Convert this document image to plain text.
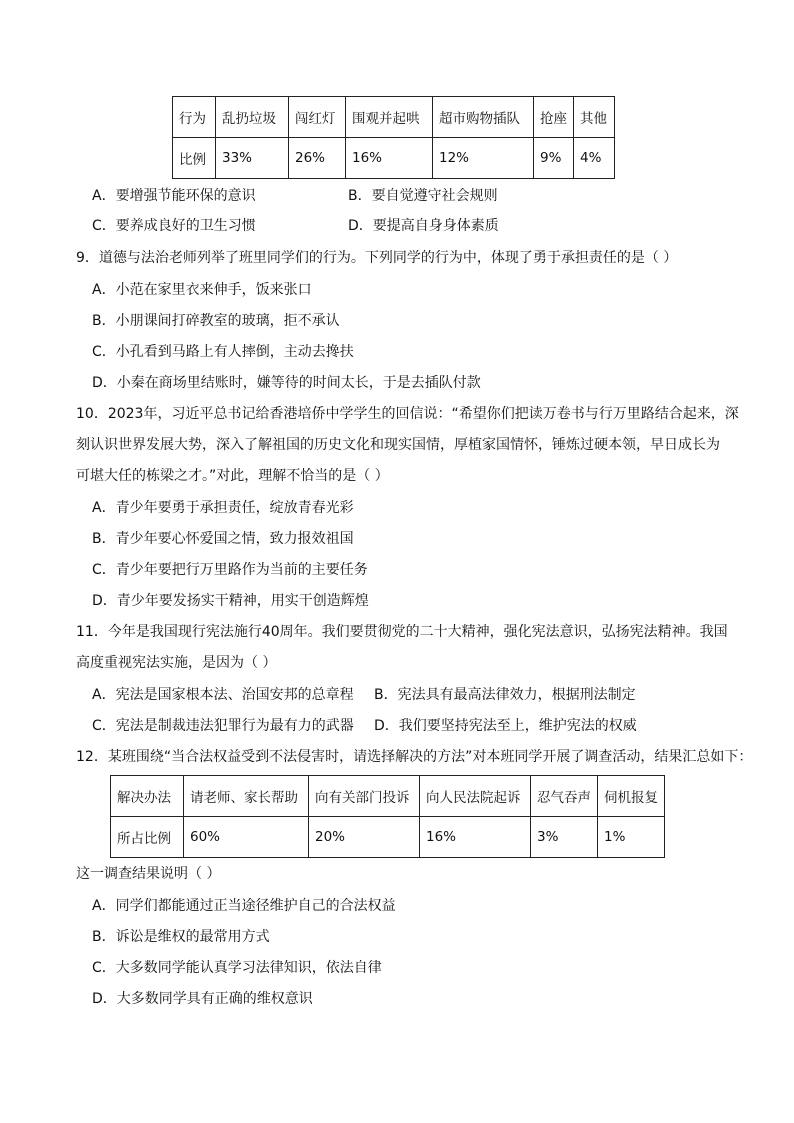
行为	乱扔垃圾	闯红灯	围观并起哄	超市购物插队	抢座	其他
比例	33%	26%	16%	12%	9%	4%
A．要增强节能环保的意识	B．要自觉遵守社会规则
C．要养成良好的卫生习惯	D．要提高自身身体素质
9．道德与法治老师列举了班里同学们的行为。下列同学的行为中，体现了勇于承担责任的是（ ）
A．小范在家里衣来伸手，饭来张口
B．小朋课间打碎教室的玻璃，拒不承认
C．小孔看到马路上有人摔倒，主动去搀扶
D．小秦在商场里结账时，嫌等待的时间太长，于是去插队付款
10．2023年，习近平总书记给香港培侨中学学生的回信说：“希望你们把读万卷书与行万里路结合起来，深
刻认识世界发展大势，深入了解祖国的历史文化和现实国情，厚植家国情怀，锤炼过硬本领，早日成长为
可堪大任的栋梁之才。”对此，理解不恰当的是（ ）
A．青少年要勇于承担责任，绽放青春光彩
B．青少年要心怀爱国之情，致力报效祖国
C．青少年要把行万里路作为当前的主要任务
D．青少年要发扬实干精神，用实干创造辉煌
11．今年是我国现行宪法施行40周年。我们要贯彻党的二十大精神，强化宪法意识，弘扬宪法精神。我国
高度重视宪法实施，是因为（ ）
A．宪法是国家根本法、治国安邦的总章程 B．宪法具有最高法律效力，根据刑法制定
C．宪法是制裁违法犯罪行为最有力的武器 D．我们要坚持宪法至上，维护宪法的权威
12．某班围绕“当合法权益受到不法侵害时，请选择解决的方法”对本班同学开展了调查活动，结果汇总如下：
解决办法	请老师、家长帮助	向有关部门投诉	向人民法院起诉	忍气吞声	伺机报复
所占比例	60%	20%	16%	3%	1%
这一调查结果说明（ ）
A．同学们都能通过正当途径维护自己的合法权益
B．诉讼是维权的最常用方式
C．大多数同学能认真学习法律知识，依法自律
D．大多数同学具有正确的维权意识
